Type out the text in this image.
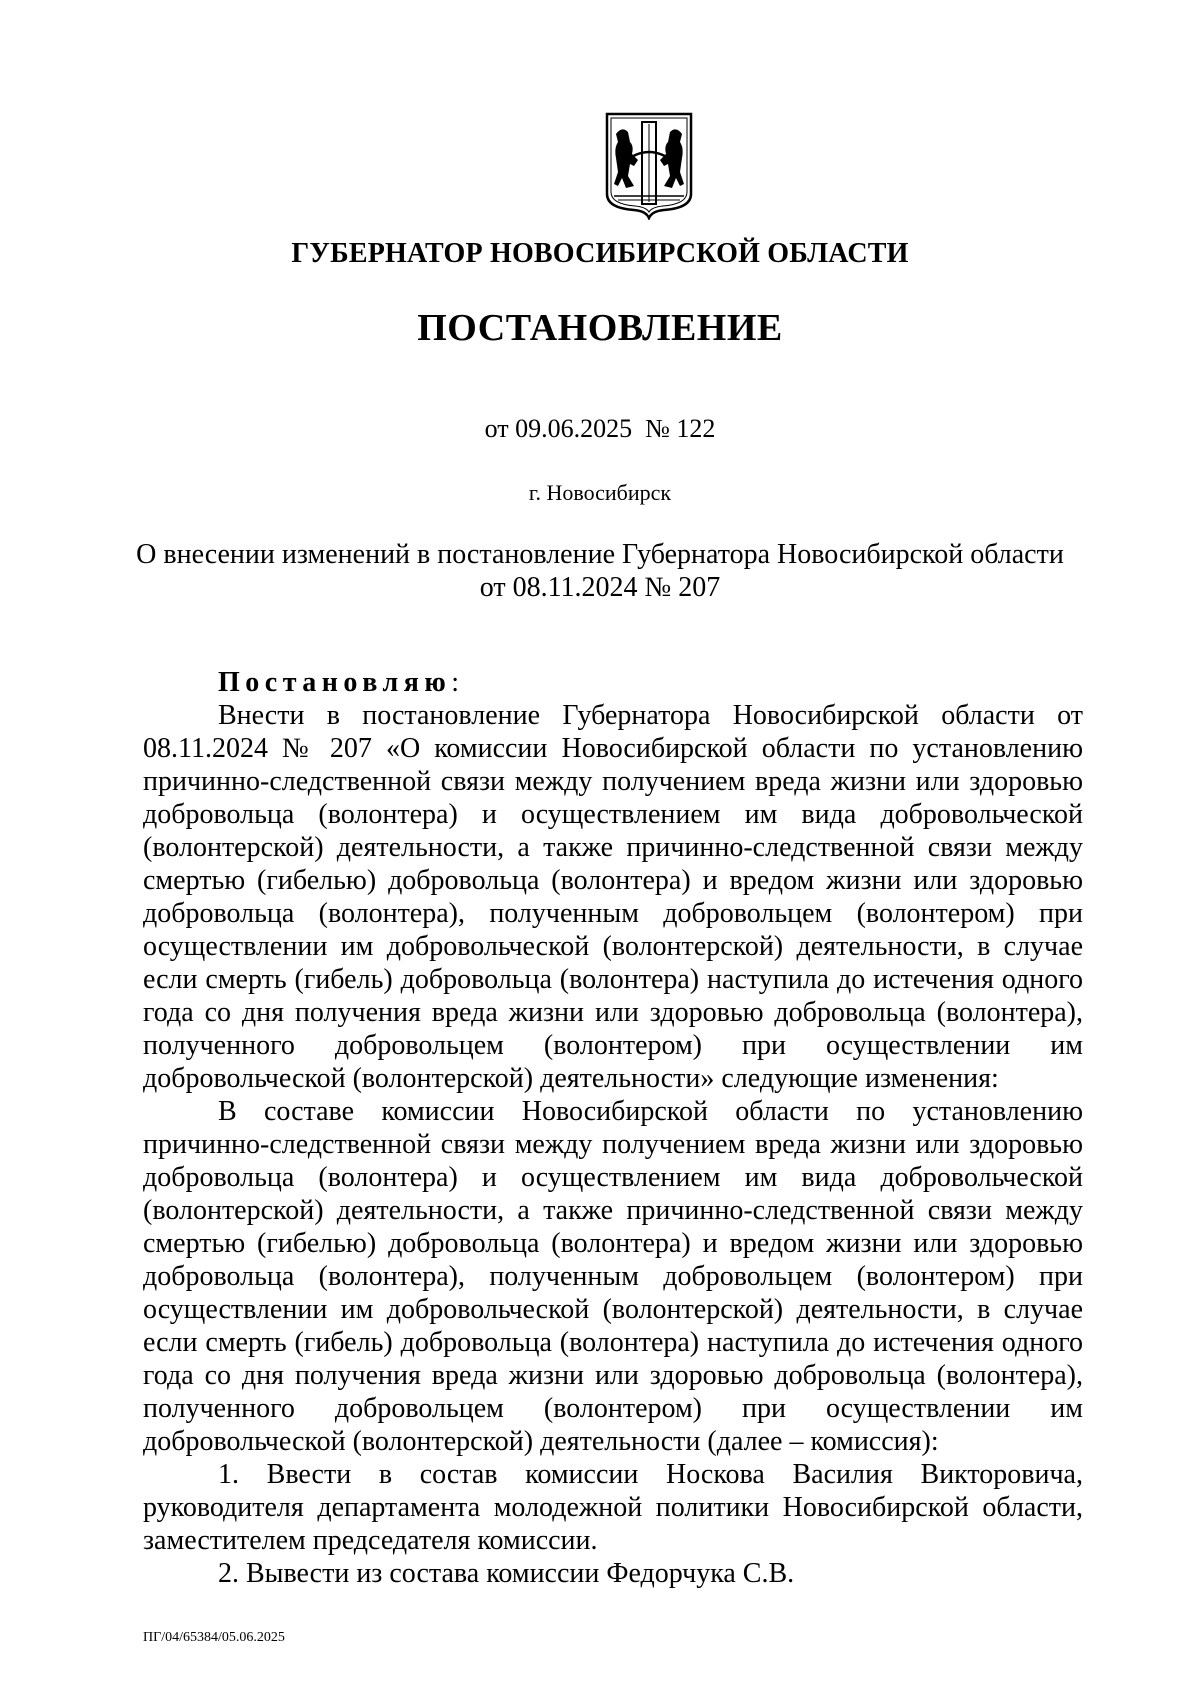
ГУБЕРНАТОР НОВОСИБИРСКОЙ ОБЛАСТИ
ПОСТАНОВЛЕНИЕ
от 09.06.2025 № 122
г. Новосибирск
О внесении изменений в постановление Губернатора Новосибирской области
от 08.11.2024 № 207

Постановляю:

Внести в постановление Губернатора Новосибирской области от 08.11.2024 № 207 «О комиссии Новосибирской области по установлению причинно-следственной связи между получением вреда жизни или здоровью добровольца (волонтера) и осуществлением им вида добровольческой (волонтерской) деятельности, а также причинно-следственной связи между смертью (гибелью) добровольца (волонтера) и вредом жизни или здоровью добровольца (волонтера), полученным добровольцем (волонтером) при осуществлении им добровольческой (волонтерской) деятельности, в случае если смерть (гибель) добровольца (волонтера) наступила до истечения одного года со дня получения вреда жизни или здоровью добровольца (волонтера), полученного добровольцем (волонтером) при осуществлении им добровольческой (волонтерской) деятельности» следующие изменения:

В составе комиссии Новосибирской области по установлению причинно-следственной связи между получением вреда жизни или здоровью добровольца (волонтера) и осуществлением им вида добровольческой (волонтерской) деятельности, а также причинно-следственной связи между смертью (гибелью) добровольца (волонтера) и вредом жизни или здоровью добровольца (волонтера), полученным добровольцем (волонтером) при осуществлении им добровольческой (волонтерской) деятельности, в случае если смерть (гибель) добровольца (волонтера) наступила до истечения одного года со дня получения вреда жизни или здоровью добровольца (волонтера), полученного добровольцем (волонтером) при осуществлении им добровольческой (волонтерской) деятельности (далее – комиссия):

1. Ввести в состав комиссии Носкова Василия Викторовича, руководителя департамента молодежной политики Новосибирской области, заместителем председателя комиссии.

2. Вывести из состава комиссии Федорчука С.В.

ПГ/04/65384/05.06.2025
